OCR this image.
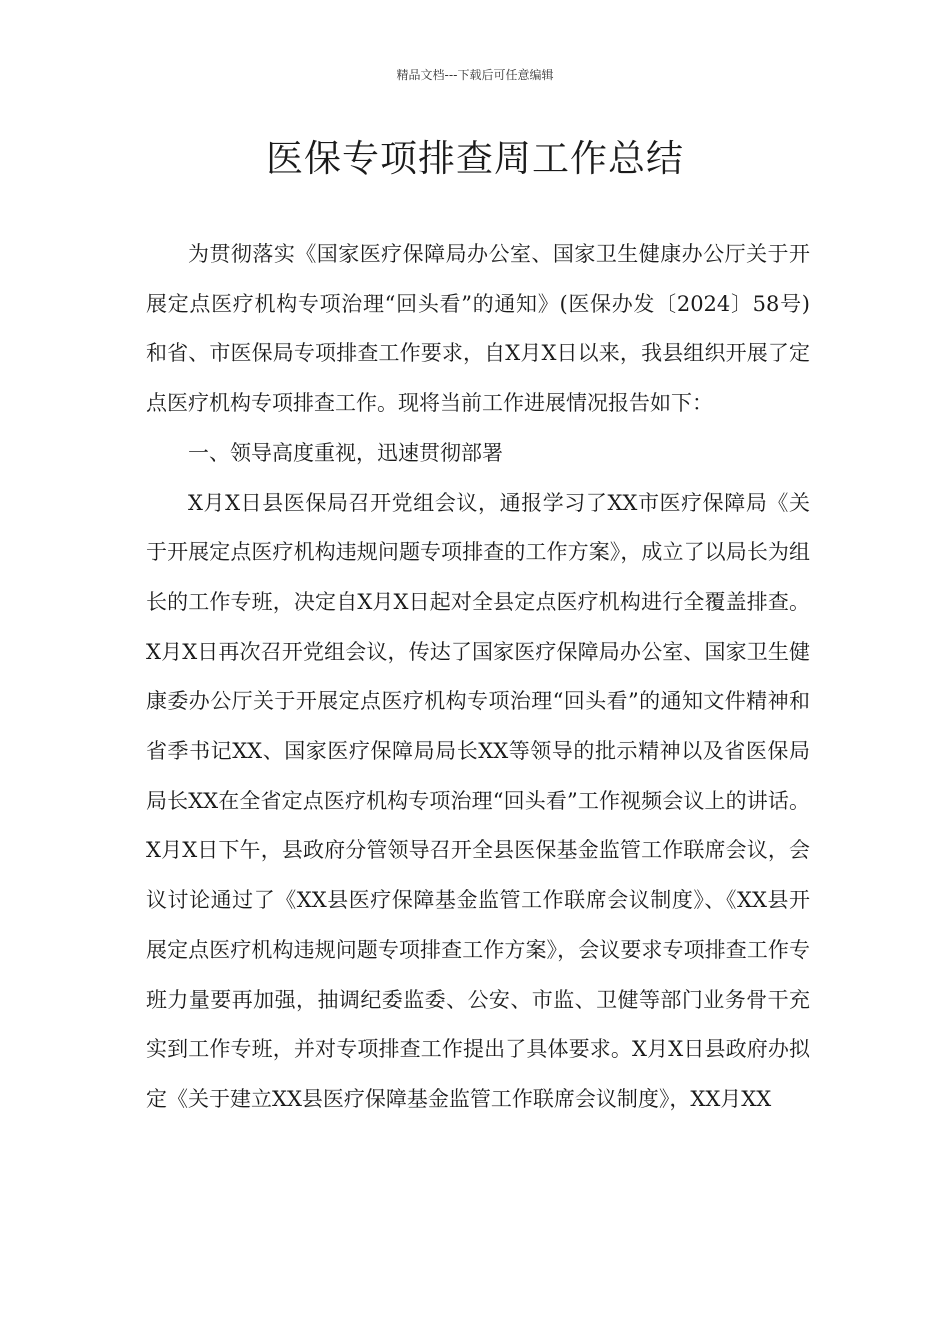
精品文档---下载后可任意编辑
医保专项排查周工作总结

为贯彻落实《国家医疗保障局办公室、国家卫生健康办公厅关于开展定点医疗机构专项治理“回头看”的通知》(医保办发〔2024〕58号)和省、市医保局专项排查工作要求，自X月X日以来，我县组织开展了定点医疗机构专项排查工作。现将当前工作进展情况报告如下：

一、领导高度重视，迅速贯彻部署

X月X日县医保局召开党组会议，通报学习了XX市医疗保障局《关于开展定点医疗机构违规问题专项排查的工作方案》，成立了以局长为组长的工作专班，决定自X月X日起对全县定点医疗机构进行全覆盖排查。X月X日再次召开党组会议，传达了国家医疗保障局办公室、国家卫生健康委办公厅关于开展定点医疗机构专项治理“回头看”的通知文件精神和省季书记XX、国家医疗保障局局长XX等领导的批示精神以及省医保局局长XX在全省定点医疗机构专项治理“回头看”工作视频会议上的讲话。X月X日下午，县政府分管领导召开全县医保基金监管工作联席会议，会议讨论通过了《XX县医疗保障基金监管工作联席会议制度》、《XX县开展定点医疗机构违规问题专项排查工作方案》，会议要求专项排查工作专班力量要再加强，抽调纪委监委、公安、市监、卫健等部门业务骨干充实到工作专班，并对专项排查工作提出了具体要求。X月X日县政府办拟定《关于建立XX县医疗保障基金监管工作联席会议制度》，XX月XX
